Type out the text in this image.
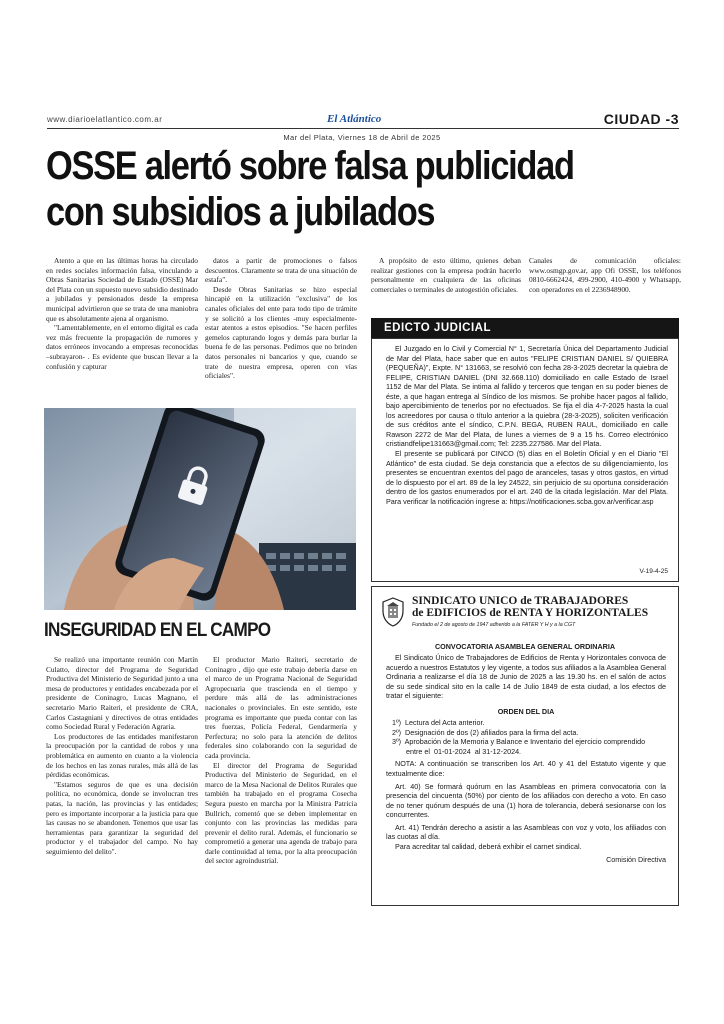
www.diarioelatlantico.com.ar	El Atlántico	CIUDAD -3
Mar del Plata, Viernes 18 de Abril de 2025
OSSE alertó sobre falsa publicidad
con subsidios a jubilados

Atento a que en las últimas horas ha circulado en redes sociales información falsa, vinculando a Obras Sanitarias Sociedad de Estado (OSSE) Mar del Plata con un supuesto nuevo subsidio destinado a jubilados y pensionados desde la empresa municipal advirtieron que se trata de una maniobra que es absolutamente ajena al organismo.

"Lamentablemente, en el entorno digital es cada vez más frecuente la propagación de rumores y datos erróneos invocando a empresas reconocidas –subrayaron- . Es evidente que buscan llevar a la confusión y capturar

datos a partir de promociones o falsos descuentos. Claramente se trata de una situación de estafa".

Desde Obras Sanitarias se hizo especial hincapié en la utilización "exclusiva" de los canales oficiales del ente para todo tipo de trámite y se solicitó a los clientes -muy especialmente- estar atentos a estos episodios. "Se hacen perfiles gemelos capturando logos y demás para burlar la buena fe de las personas. Pedimos que no brinden datos personales ni bancarios y que, cuando se trate de nuestra empresa, operen con vías oficiales".

A propósito de esto último, quienes deban realizar gestiones con la empresa podrán hacerlo personalmente en cualquiera de las oficinas comerciales o terminales de autogestión oficiales.

Canales de comunicación oficiales: www.osmgp.gov.ar, app Ofi OSSE, los teléfonos 0810-6662424, 499-2900, 410-4900 y Whatsapp, con operadores en el 2236948900.

INSEGURIDAD EN EL CAMPO

Se realizó una importante reunión con Martín Culatto, director del Programa de Seguridad Productiva del Ministerio de Seguridad junto a una mesa de productores y entidades encabezada por el presidente de Coninagro, Lucas Magnano, el secretario Mario Raiteri, el presidente de CRA, Carlos Castagniani y directivos de otras entidades como Sociedad Rural y Federación Agraria.

Los productores de las entidades manifestaron la preocupación por la cantidad de robos y una problemática en aumento en cuanto a la violencia de los hechos en las zonas rurales, más allá de las pérdidas económicas.

"Estamos seguros de que es una decisión política, no económica, donde se involucran tres patas, la nación, las provincias y las entidades; pero es importante incorporar a la justicia para que las causas no se abandonen. Tenemos que usar las herramientas para garantizar la seguridad del productor y el trabajador del campo. No hay seguimiento del delito".

El productor Mario Raiteri, secretario de Coninagro , dijo que este trabajo debería darse en el marco de un Programa Nacional de Seguridad Agropecuaria que trascienda en el tiempo y perdure más allá de las administraciones nacionales o provinciales. En este sentido, este programa es importante que pueda contar con las tres fuerzas, Policía Federal, Gendarmería y Perfectura; no solo para la atención de delitos federales sino colaborando con la seguridad de cada provincia.

El director del Programa de Seguridad Productiva del Ministerio de Seguridad, en el marco de la Mesa Nacional de Delitos Rurales que también ha trabajado en el programa Cosecha Segura puesto en marcha por la Ministra Patricia Bullrich, comentó que se deben implementar en conjunto con las provincias las medidas para prevenir el delito rural. Además, el funcionario se comprometió a generar una agenda de trabajo para darle continuidad al tema, por la alta preocupación del sector agroindustrial.

EDICTO JUDICIAL

El Juzgado en lo Civil y Comercial N° 1, Secretaría Única del Departamento Judicial de Mar del Plata, hace saber que en autos "FELIPE CRISTIAN DANIEL S/ QUIEBRA (PEQUEÑA)", Expte. N° 131663, se resolvió con fecha 28-3-2025 decretar la quiebra de FELIPE, CRISTIAN DANIEL (DNI 32.668.110) domiciliado en calle Estado de Israel 1152 de Mar del Plata. Se intima al fallido y terceros que tengan en su poder bienes de éste, a que hagan entrega al Síndico de los mismos. Se prohibe hacer pagos al fallido, bajo apercibimiento de tenerlos por no efectuados. Se fija el día 4-7-2025 hasta la cual los acreedores por causa o título anterior a la quiebra (28-3-2025), soliciten verificación de sus créditos ante el síndico, C.P.N. BEGA, RUBEN RAUL, domiciliado en calle Rawson 2272 de Mar del Plata, de lunes a viernes de 9 a 15 hs. Correo electrónico cristiandfelipe131663@gmail.com; Tel: 2235.227586. Mar del Plata.

El presente se publicará por CINCO (5) días en el Boletín Oficial y en el Diario "El Atlántico" de esta ciudad. Se deja constancia que a efectos de su diligenciamiento, los presentes se encuentran exentos del pago de aranceles, tasas y otros gastos, en virtud de lo dispuesto por el art. 89 de la ley 24522, sin perjuicio de su oportuna consideración dentro de los gastos enumerados por el art. 240 de la citada legislación. Mar del Plata. Para verificar la notificación ingrese a: https://notificaciones.scba.gov.ar/verificar.asp

V-19-4-25
SINDICATO UNICO de TRABAJADORES
de EDIFICIOS de RENTA Y HORIZONTALES
Fundado el 2 de agosto de 1947 adherido a la FATER Y H y a la CGT
CONVOCATORIA ASAMBLEA GENERAL ORDINARIA

El Sindicato Único de Trabajadores de Edificios de Renta y Horizontales convoca de acuerdo a nuestros Estatutos y ley vigente, a todos sus afiliados a la Asamblea General Ordinaria a realizarse el día 18 de Junio de 2025 a las 19.30 hs. en el salón de actos de su sede sindical sito en la calle 14 de Julio 1849 de esta ciudad, a los efectos de tratar el siguiente:

ORDEN DEL DIA
1º)  Lectura del Acta anterior.
2º)  Designación de dos (2) afiliados para la firma del acta.
3º)  Aprobación de la Memoria y Balance e Inventario del ejercicio comprendido
entre el  01-01-2024  al 31-12-2024.

NOTA: A continuación se transcriben los Art. 40 y 41 del Estatuto vigente y que textualmente dice:

Art. 40) Se formará quórum en las Asambleas en primera convocatoria con la presencia del cincuenta (50%) por ciento de los afiliados con derecho a voto. En caso de no tener quórum después de una (1) hora de tolerancia, deberá sesionarse con los concurrentes.

Art. 41) Tendrán derecho a asistir a las Asambleas con voz y voto, los afiliados con las cuotas al día.

Para acreditar tal calidad, deberá exhibir el carnet sindical.

Comisión Directiva
